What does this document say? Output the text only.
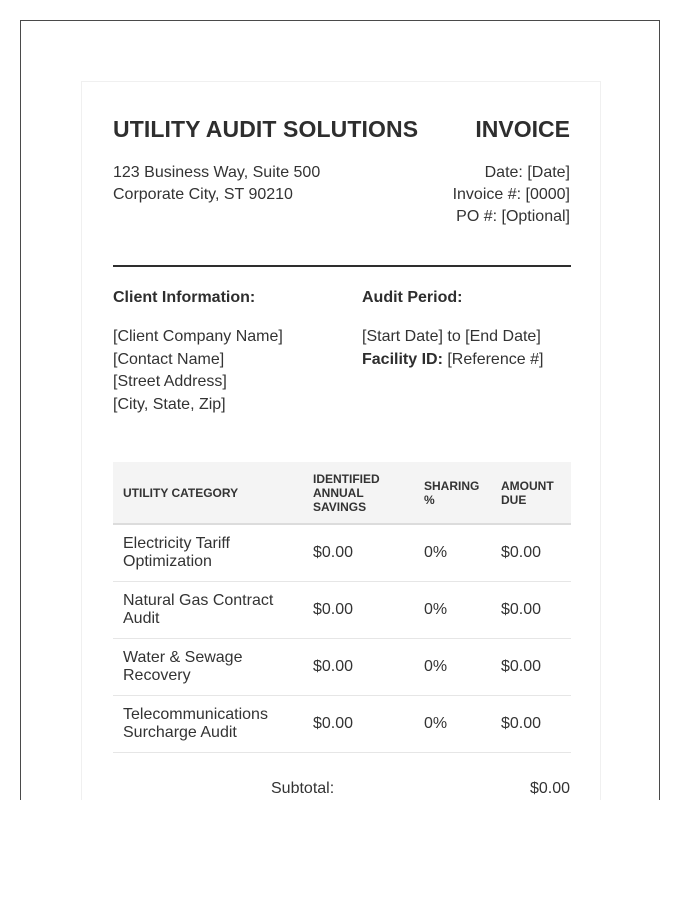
UTILITY AUDIT SOLUTIONS INVOICE
123 Business Way, Suite 500
Corporate City, ST 90210
Date: [Date]
Invoice #: [0000]
PO #: [Optional]
Client Information:	Audit Period:
[Client Company Name]
[Contact Name]
[Street Address]
[City, State, Zip]
[Start Date] to [End Date]
Facility ID: [Reference #]
UTILITY CATEGORY	IDENTIFIED ANNUAL SAVINGS	SHARING %	AMOUNT DUE
Electricity Tariff Optimization	$0.00	0%	$0.00
Natural Gas Contract Audit	$0.00	0%	$0.00
Water & Sewage Recovery	$0.00	0%	$0.00
Telecommunications Surcharge Audit	$0.00	0%	$0.00
Subtotal:	$0.00
